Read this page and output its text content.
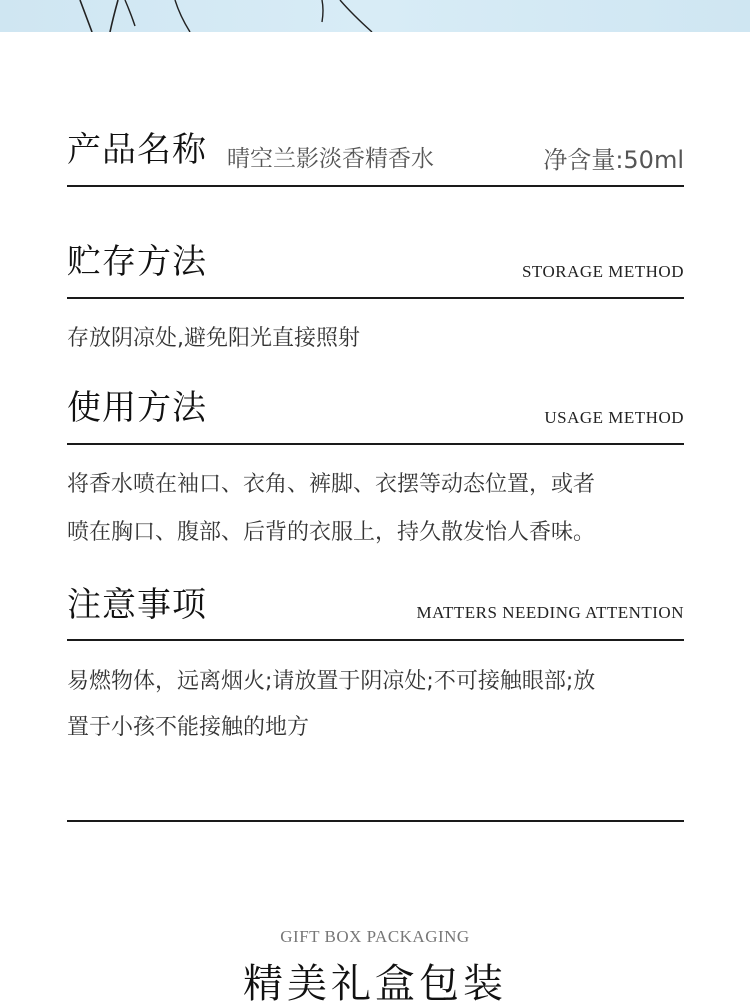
产品名称 晴空兰影淡香精香水	净含量:50ml
贮存方法	STORAGE METHOD
存放阴凉处,避免阳光直接照射
使用方法	USAGE METHOD
将香水喷在袖口、衣角、裤脚、衣摆等动态位置，或者
喷在胸口、腹部、后背的衣服上，持久散发怡人香味。
注意事项	MATTERS NEEDING ATTENTION
易燃物体，远离烟火;请放置于阴凉处;不可接触眼部;放
置于小孩不能接触的地方
GIFT BOX PACKAGING
精美礼盒包装
